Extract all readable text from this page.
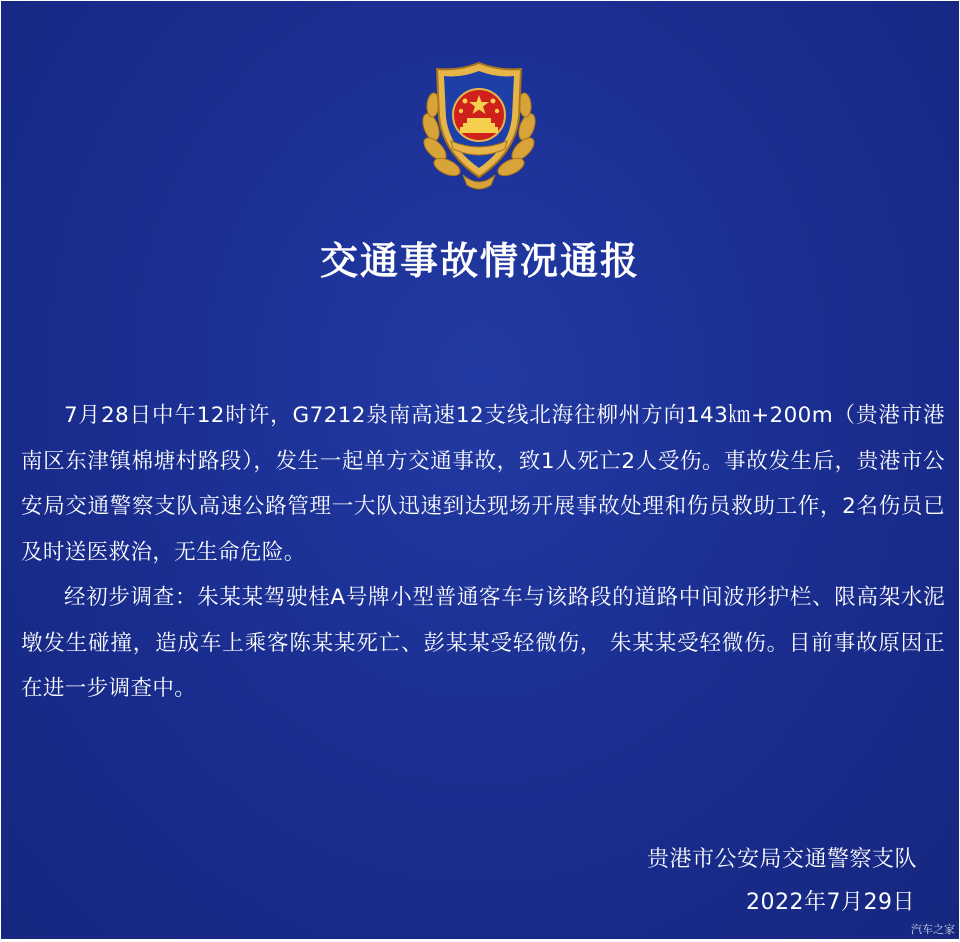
交通事故情况通报

7月28日中午12时许，G7212泉南高速12支线北海往柳州方向143㎞+200m（贵港市港南区东津镇棉塘村路段），发生一起单方交通事故，致1人死亡2人受伤。事故发生后，贵港市公安局交通警察支队高速公路管理一大队迅速到达现场开展事故处理和伤员救助工作，2名伤员已及时送医救治，无生命危险。

经初步调查：朱某某驾驶桂A号牌小型普通客车与该路段的道路中间波形护栏、限高架水泥墩发生碰撞，造成车上乘客陈某某死亡、彭某某受轻微伤， 朱某某受轻微伤。目前事故原因正在进一步调查中。

贵港市公安局交通警察支队
2022年7月29日
汽车之家
